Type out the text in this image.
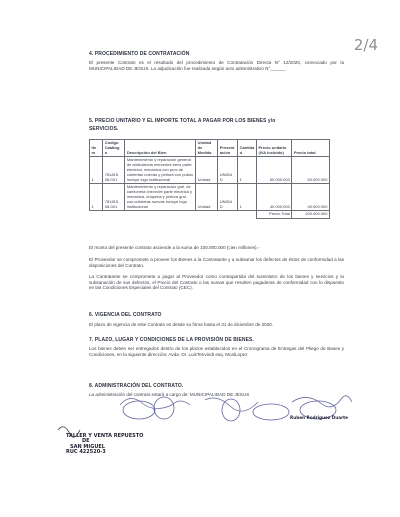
2/4
4. PROCEDIMIENTO DE CONTRATACIÓN
El presente Contrato es el resultado del procedimiento de Contratación Directa N° 12/2020, convocado por la MUNICIPALIDAD DE JESUS. La adjudicación fue realizada según acto administrativo N°______
5. PRECIO UNITARIO Y EL IMPORTE TOTAL A PAGAR POR LOS BIENES y/o
SERVICIOS.
Ite m	Código Catálog o	Descripción del Bien	Unidad de Medida	Present ación	Cantida d	Precio unitario (IVA incluido)	Precio total
1	781815 08-001	Mantenimiento y reparación general de ambulancia mercedes benz parte electrica, mecanica con prov de cubiertas nuevas y pintura con pulido incluye logo institucional	Unidad	UNIDA D	1	60.000.000	60.000.000
1	781815 08-001	Mantenimiento y reparación gral. de camioneta chevrolet parte electrica y mecanica, chaperia y pintura gral. con cubiertas nuevas incluye logo institucional	Unidad	UNIDA D	1	40.000.000	40.000.000
						Precio Total	100.000.000
El monto del presente contrato asciende a la suma de 100.000.000 (cien millones).-
El Proveedor se compromete a proveer los Bienes a la Contratante y a subsanar los defectos de éstos de conformidad a las disposiciones del Contrato.
La Contratante se compromete a pagar al Proveedor como contrapartida del suministro de los bienes y servicios y la subsanación de sus defectos, el Precio del Contrato o las sumas que resulten pagaderas de conformidad con lo dispuesto en las Condiciones Especiales del Contrato (CEC).
6. VIGENCIA DEL CONTRATO
El plazo de vigencia de este Contrato es desde su firma hasta el 31 de diciembre de 2020.
7. PLAZO, LUGAR Y CONDICIONES DE LA PROVISIÓN DE BIENES.
Los bienes deben ser entregados dentro de los plazos establecidos en el Cronograma de Entregas del Pliego de Bases y Condiciones, en la siguiente dirección; Avda. Dr. LuisTenvindt esq. McalLopez
8. ADMINISTRACIÓN DEL CONTRATO.
La administración del contrato estará a cargo de: MUNICIPALIDAD DE JESUS
Ruben Rodriguez Duarte
TALLER Y VENTA REPUESTO
DE
SAN MIGUEL
RUC 422520-3
